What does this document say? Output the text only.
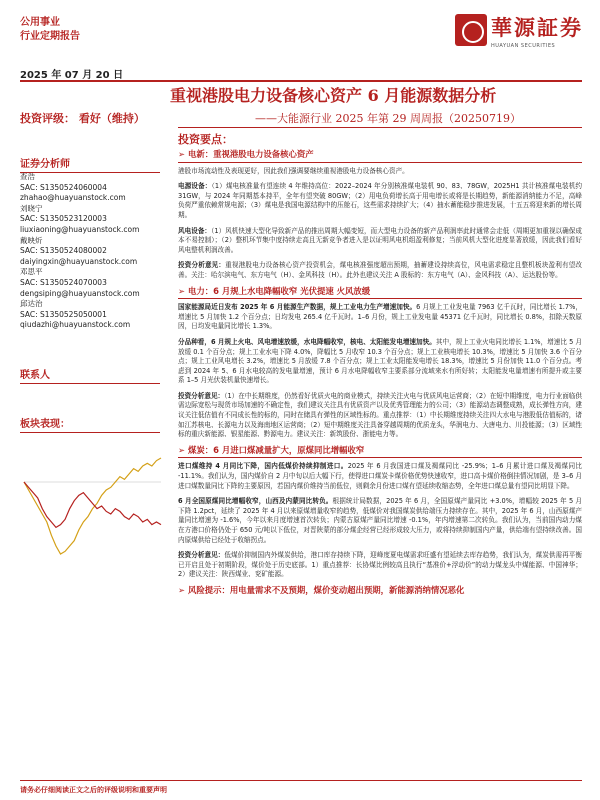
公用事业
行业定期报告
2025 年 07 月 20 日
華源証券
HUAYUAN SECURITIES
重视港股电力设备核心资产 6 月能源数据分析
投资评级： 看好（维持）	——大能源行业 2025 年第 29 周周报（20250719）
投资要点：
证券分析师
查浩
SAC: S1350524060004
zhahao@huayuanstock.com
刘晓宁
SAC: S1350523120003
liuxiaoning@huayuanstock.com
戴映炘
SAC: S1350524080002
daiyingxin@huayuanstock.com
邓思平
SAC: S1350524070003
dengsiping@huayuanstock.com
邱达治
SAC: S1350525050001
qiudazhi@huayuanstock.com
联系人
板块表现：
➢ 电新：重视港股电力设备核心资产
港股市场流动性及表现更好，因此我们强调要继续重视港股电力设备核心资产。
电源设备：（1）煤电核准量有望连续 4 年维持高位：2022–2024 年分别核准煤电装机 90、83、78GW，2025H1 共计核准煤电装机约 31GW，与 2024 年同期基本持平，全年有望突破 80GW；（2）用电负荷增长高于用电增长或将是长期趋势，新能源消纳能力不足，高峰负荷严重依赖常规电源；（3）煤电是我国电源结构中的压舱石，这些需求持续扩大；（4）抽水蓄能稳步推进发展，十五五将迎来新的增长周期。
风电设备：（1）风机快速大型化导致新产品的推出周期大幅变短，而大型电力设备的新产品利润率此时通常会走低（周期更加重视以确保成本不易控制）；（2）整机环节集中度持续走高且无新竞争者进入是以证明风电机组盈利修复；当前风机大型化进度显著放缓，因此我们看好风电整机利润改善。
投资分析意见：重视港股电力设备核心资产投资机会，煤电核准强度超出预期，抽蓄建设持续高位，风电需求稳定且整机板块盈利有望改善。关注：哈尔滨电气、东方电气（H）、金风科技（H）。此外也建议关注 A 股标的：东方电气（A）、金风科技（A）、运达股份等。
➢ 电力：6 月规上水电降幅收窄 光伏提速 火风放缓
国家能源局近日发布 2025 年 6 月能源生产数据，规上工业电力生产增速加快。6 月规上工业发电量 7963 亿千瓦时，同比增长 1.7%，增速比 5 月加快 1.2 个百分点；日均发电 265.4 亿千瓦时。1–6 月份，规上工业发电量 45371 亿千瓦时，同比增长 0.8%，扣除天数原因，日均发电量同比增长 1.3%。
分品种看，6 月规上火电、风电增速放缓，水电降幅收窄，核电、太阳能发电增速加快。其中，规上工业火电同比增长 1.1%，增速比 5 月放缓 0.1 个百分点；规上工业水电下降 4.0%，降幅比 5 月收窄 10.3 个百分点；规上工业核电增长 10.3%，增速比 5 月加快 3.6 个百分点；规上工业风电增长 3.2%，增速比 5 月放缓 7.8 个百分点；规上工业太阳能发电增长 18.3%，增速比 5 月份加快 11.0 个百分点。考虑到 2024 年 5、6 月水电较高的发电量增速，预计 6 月水电降幅收窄主要系部分流域来水有所好转；太阳能发电量增速有所提升或主要系 1–5 月光伏装机量快速增长。
投资分析意见：（1）在中长期维度，仍然看好优质火电的商业模式，持续关注火电与优质风电运营商；（2）在短中期维度，电力行业面临供需边际宽松与现货市场加速的不确定性，我们建议关注具有优质资产以及优秀管理能力的公司；（3）能源动态调整成熟，成长弹性方向，建议关注低估值有不同成长性的标的，同时在储具有弹性的区域性标的。重点推荐：（1）中长期维度持续关注四大水电与港股低估值标的，诸如江苏核电、长源电力以及海南地区运营商；（2）短中期维度关注具备穿越周期的优质龙头，华润电力、大唐电力、川投能源；（3）区域性标的重庆新能源、银星能源、黔源电力。建议关注：新筑股份、浙能电力等。
➢ 煤炭：6 月进口煤减量扩大，原煤同比增幅收窄
进口煤维持 4 月同比下降，国内低煤价持续抑制进口。2025 年 6 月我国进口煤及褐煤同比 -25.9%；1–6 月累计进口煤及褐煤同比 -11.1%。我们认为，国内煤价自 2 月中旬以后大幅下行，使得进口煤炭卡煤价格优势快速收窄，进口高卡煤价格倒挂情况加剧，是 3–6 月进口煤数量同比下降的主要原因，若国内煤价维持当前低位，则剩余月份进口煤有望延续收缩态势，全年进口煤总量有望同比明显下降。
6 月全国原煤同比增幅收窄，山西及内蒙同比转负。根据统计局数据，2025 年 6 月，全国原煤产量同比 +3.0%，增幅较 2025 年 5 月下降 1.2pct，延续了 2025 年 4 月以来原煤增量收窄的趋势，低煤价对我国煤炭供给端压力持续存在。其中，2025 年 6 月，山西原煤产量同比增速为 -1.6%，今年以来月度增速首次转负；内蒙古原煤产量同比增速 -0.1%，年内增速第二次转负。我们认为，当前国内动力煤在方港口价格仍处于 650 元/吨以下低位，对晋陕蒙的部分煤企经营已经形成较大压力，或将持续抑制国内产量，供给端有望持续改善。国内原煤供给已经处于收缩拐点。
投资分析意见：低煤价抑制国内外煤炭供给，港口库存持续下降，迎峰度夏电煤需求旺盛有望延续去库存趋势，我们认为，煤炭供需再平衡已开启且处于初期阶段，煤价处于历史底部。1）重点推荐：长协煤比例较高且执行“基准价+浮动价”的动力煤龙头中煤能源、中国神华；2）建议关注：陕西煤业、兖矿能源。
➢ 风险提示：用电量需求不及预期，煤价变动超出预期，新能源消纳情况恶化
请务必仔细阅读正文之后的评级说明和重要声明
